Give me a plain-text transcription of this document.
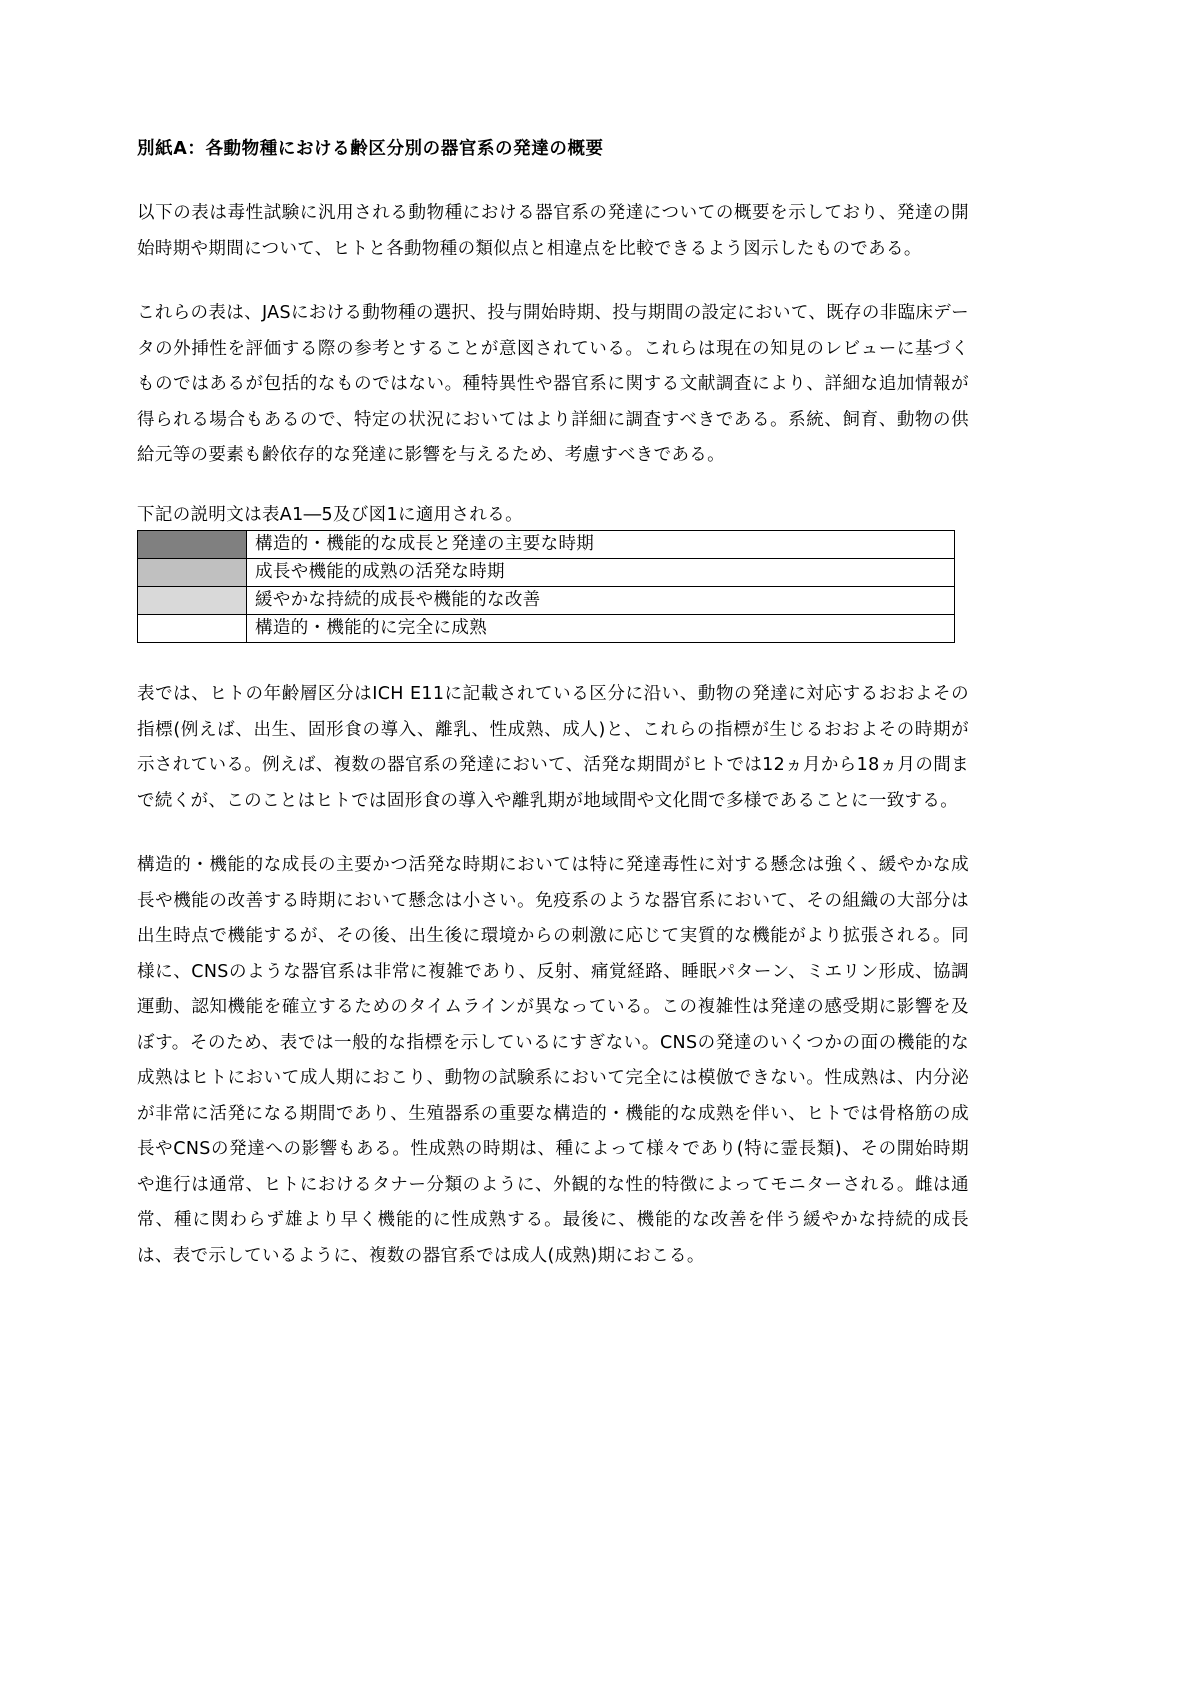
別紙A：各動物種における齢区分別の器官系の発達の概要

以下の表は毒性試験に汎用される動物種における器官系の発達についての概要を示しており、発達の開始時期や期間について、ヒトと各動物種の類似点と相違点を比較できるよう図示したものである。

これらの表は、JASにおける動物種の選択、投与開始時期、投与期間の設定において、既存の非臨床データの外挿性を評価する際の参考とすることが意図されている。これらは現在の知見のレビューに基づくものではあるが包括的なものではない。種特異性や器官系に関する文献調査により、詳細な追加情報が得られる場合もあるので、特定の状況においてはより詳細に調査すべきである。系統、飼育、動物の供給元等の要素も齢依存的な発達に影響を与えるため、考慮すべきである。

下記の説明文は表A1―5及び図1に適用される。

	構造的・機能的な成長と発達の主要な時期
	成長や機能的成熟の活発な時期
	緩やかな持続的成長や機能的な改善
	構造的・機能的に完全に成熟

表では、ヒトの年齢層区分はICH E11に記載されている区分に沿い、動物の発達に対応するおおよその指標(例えば、出生、固形食の導入、離乳、性成熟、成人)と、これらの指標が生じるおおよその時期が示されている。例えば、複数の器官系の発達において、活発な期間がヒトでは12ヵ月から18ヵ月の間まで続くが、このことはヒトでは固形食の導入や離乳期が地域間や文化間で多様であることに一致する。

構造的・機能的な成長の主要かつ活発な時期においては特に発達毒性に対する懸念は強く、緩やかな成長や機能の改善する時期において懸念は小さい。免疫系のような器官系において、その組織の大部分は出生時点で機能するが、その後、出生後に環境からの刺激に応じて実質的な機能がより拡張される。同様に、CNSのような器官系は非常に複雑であり、反射、痛覚経路、睡眠パターン、ミエリン形成、協調運動、認知機能を確立するためのタイムラインが異なっている。この複雑性は発達の感受期に影響を及ぼす。そのため、表では一般的な指標を示しているにすぎない。CNSの発達のいくつかの面の機能的な成熟はヒトにおいて成人期におこり、動物の試験系において完全には模倣できない。性成熟は、内分泌が非常に活発になる期間であり、生殖器系の重要な構造的・機能的な成熟を伴い、ヒトでは骨格筋の成長やCNSの発達への影響もある。性成熟の時期は、種によって様々であり(特に霊長類)、その開始時期や進行は通常、ヒトにおけるタナー分類のように、外観的な性的特徴によってモニターされる。雌は通常、種に関わらず雄より早く機能的に性成熟する。最後に、機能的な改善を伴う緩やかな持続的成長は、表で示しているように、複数の器官系では成人(成熟)期におこる。
